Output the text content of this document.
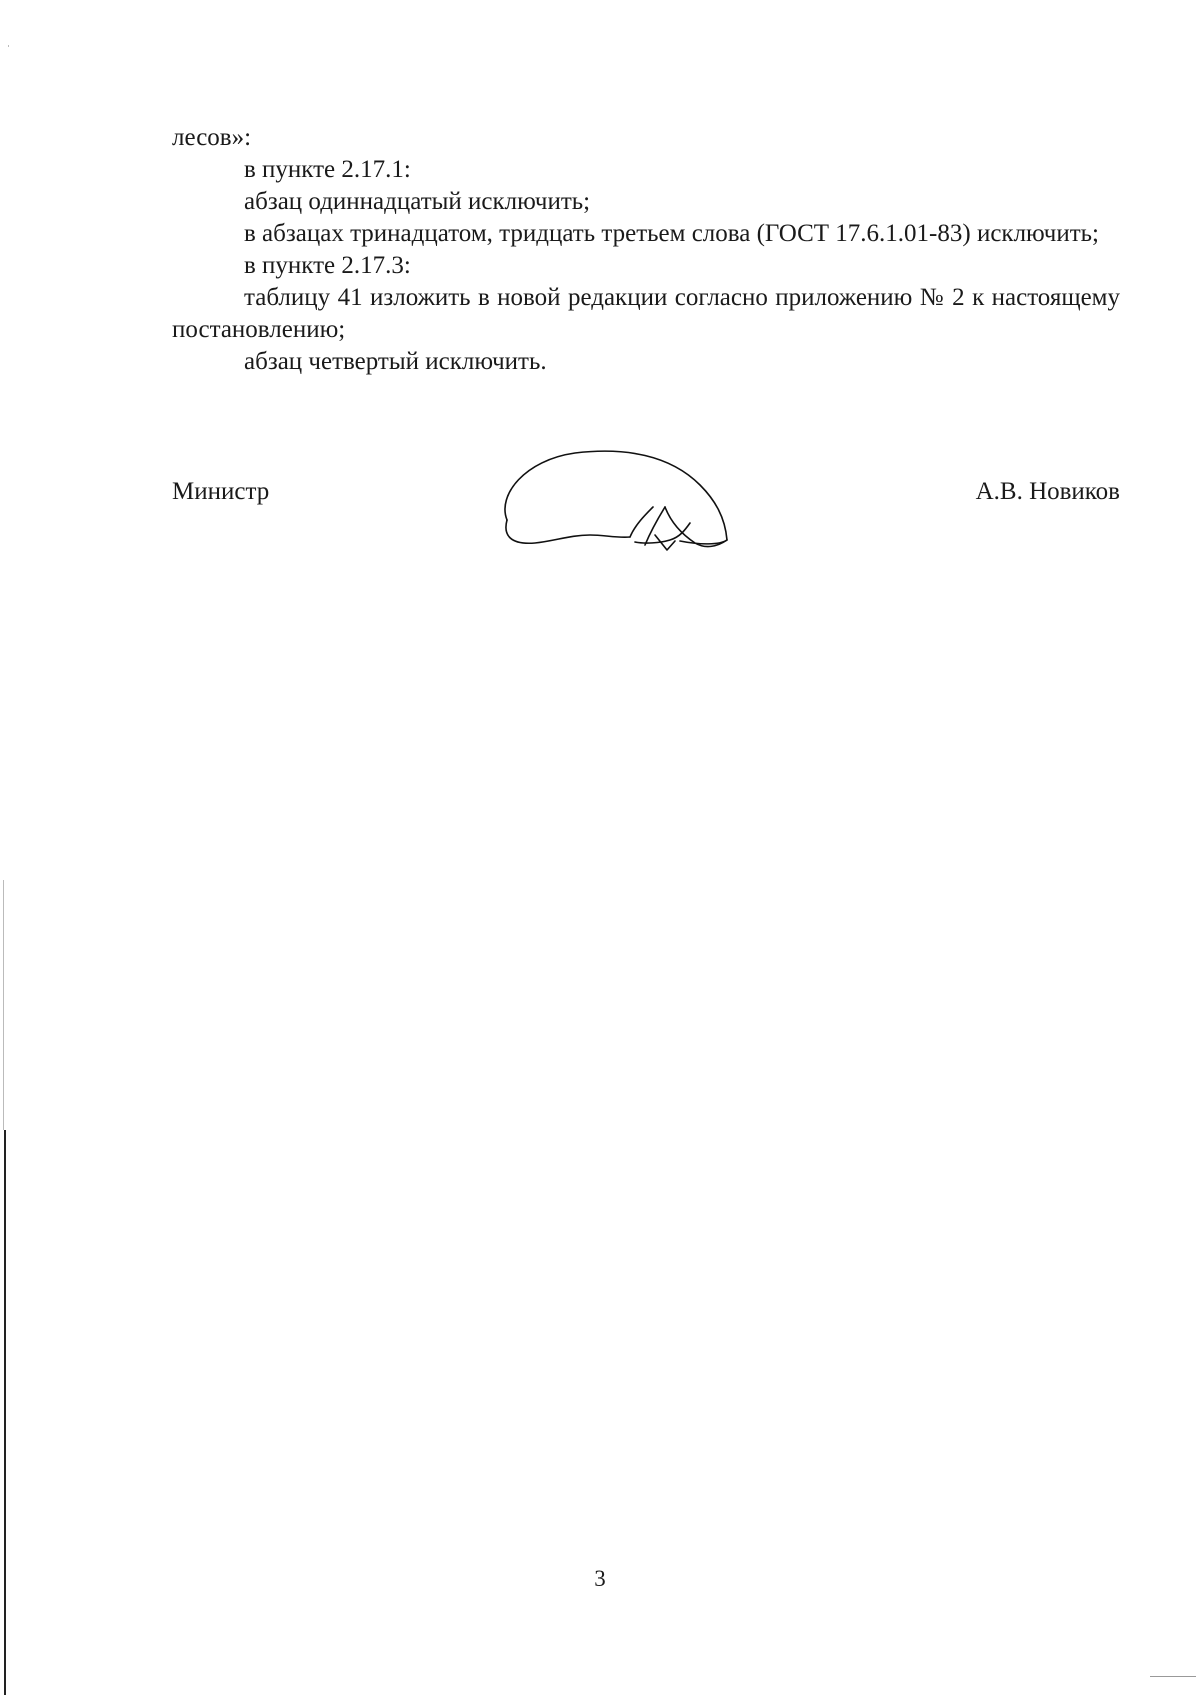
лесов»:

в пункте 2.17.1:

абзац одиннадцатый исключить;

в абзацах тринадцатом, тридцать третьем слова (ГОСТ 17.6.1.01-83) исключить;

в пункте 2.17.3:

таблицу 41 изложить в новой редакции согласно приложению № 2 к настоящему постановлению;

абзац четвертый исключить.

Министр	А.В. Новиков
3
